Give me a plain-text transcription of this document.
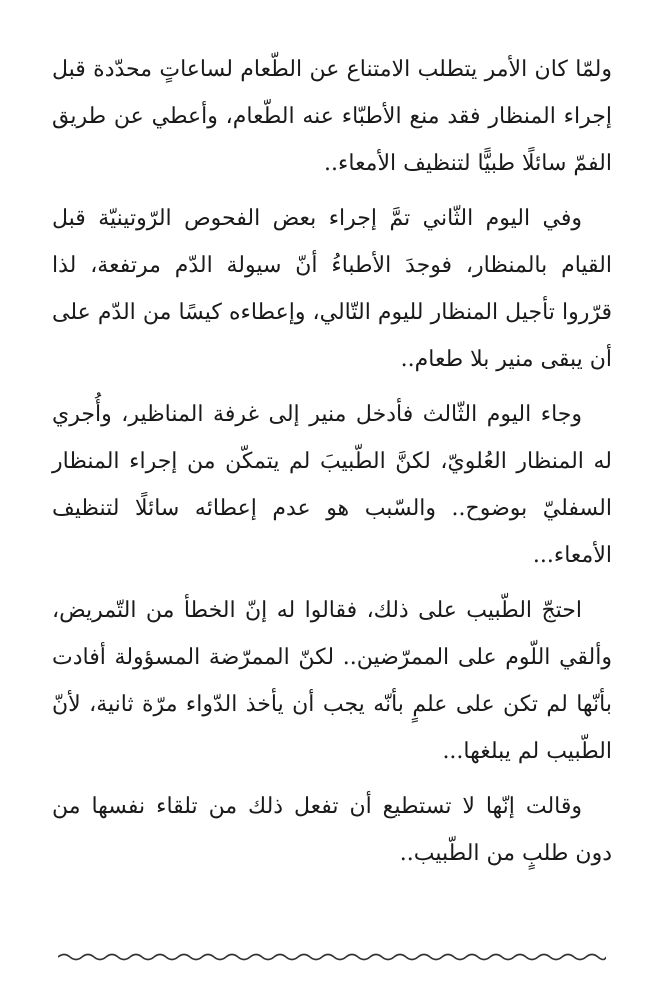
ولمّا كان الأمر يتطلب الامتناع عن الطّعام لساعاتٍ محدّدة قبل إجراء المنظار فقد منع الأطبّاء عنه الطّعام، وأعطي عن طريق الفمّ سائلًا طبيًّا لتنظيف الأمعاء..

وفي اليوم الثّاني تمَّ إجراء بعض الفحوص الرّوتينيّة قبل القيام بالمنظار، فوجدَ الأطباءُ أنّ سيولة الدّم مرتفعة، لذا قرّروا تأجيل المنظار لليوم التّالي، وإعطاءه كيسًا من الدّم على أن يبقى منير بلا طعام..

وجاء اليوم الثّالث فأدخل منير إلى غرفة المناظير، وأُجري له المنظار العُلويّ، لكنَّ الطّبيبَ لم يتمكّن من إجراء المنظار السفليّ بوضوح.. والسّبب هو عدم إعطائه سائلًا لتنظيف الأمعاء...

احتجّ الطّبيب على ذلك، فقالوا له إنّ الخطأ من التّمريض، وألقي اللّوم على الممرّضين.. لكنّ الممرّضة المسؤولة أفادت بأنّها لم تكن على علمٍ بأنّه يجب أن يأخذ الدّواء مرّة ثانية، لأنّ الطّبيب لم يبلغها...

وقالت إنّها لا تستطيع أن تفعل ذلك من تلقاء نفسها من دون طلبٍ من الطّبيب..
